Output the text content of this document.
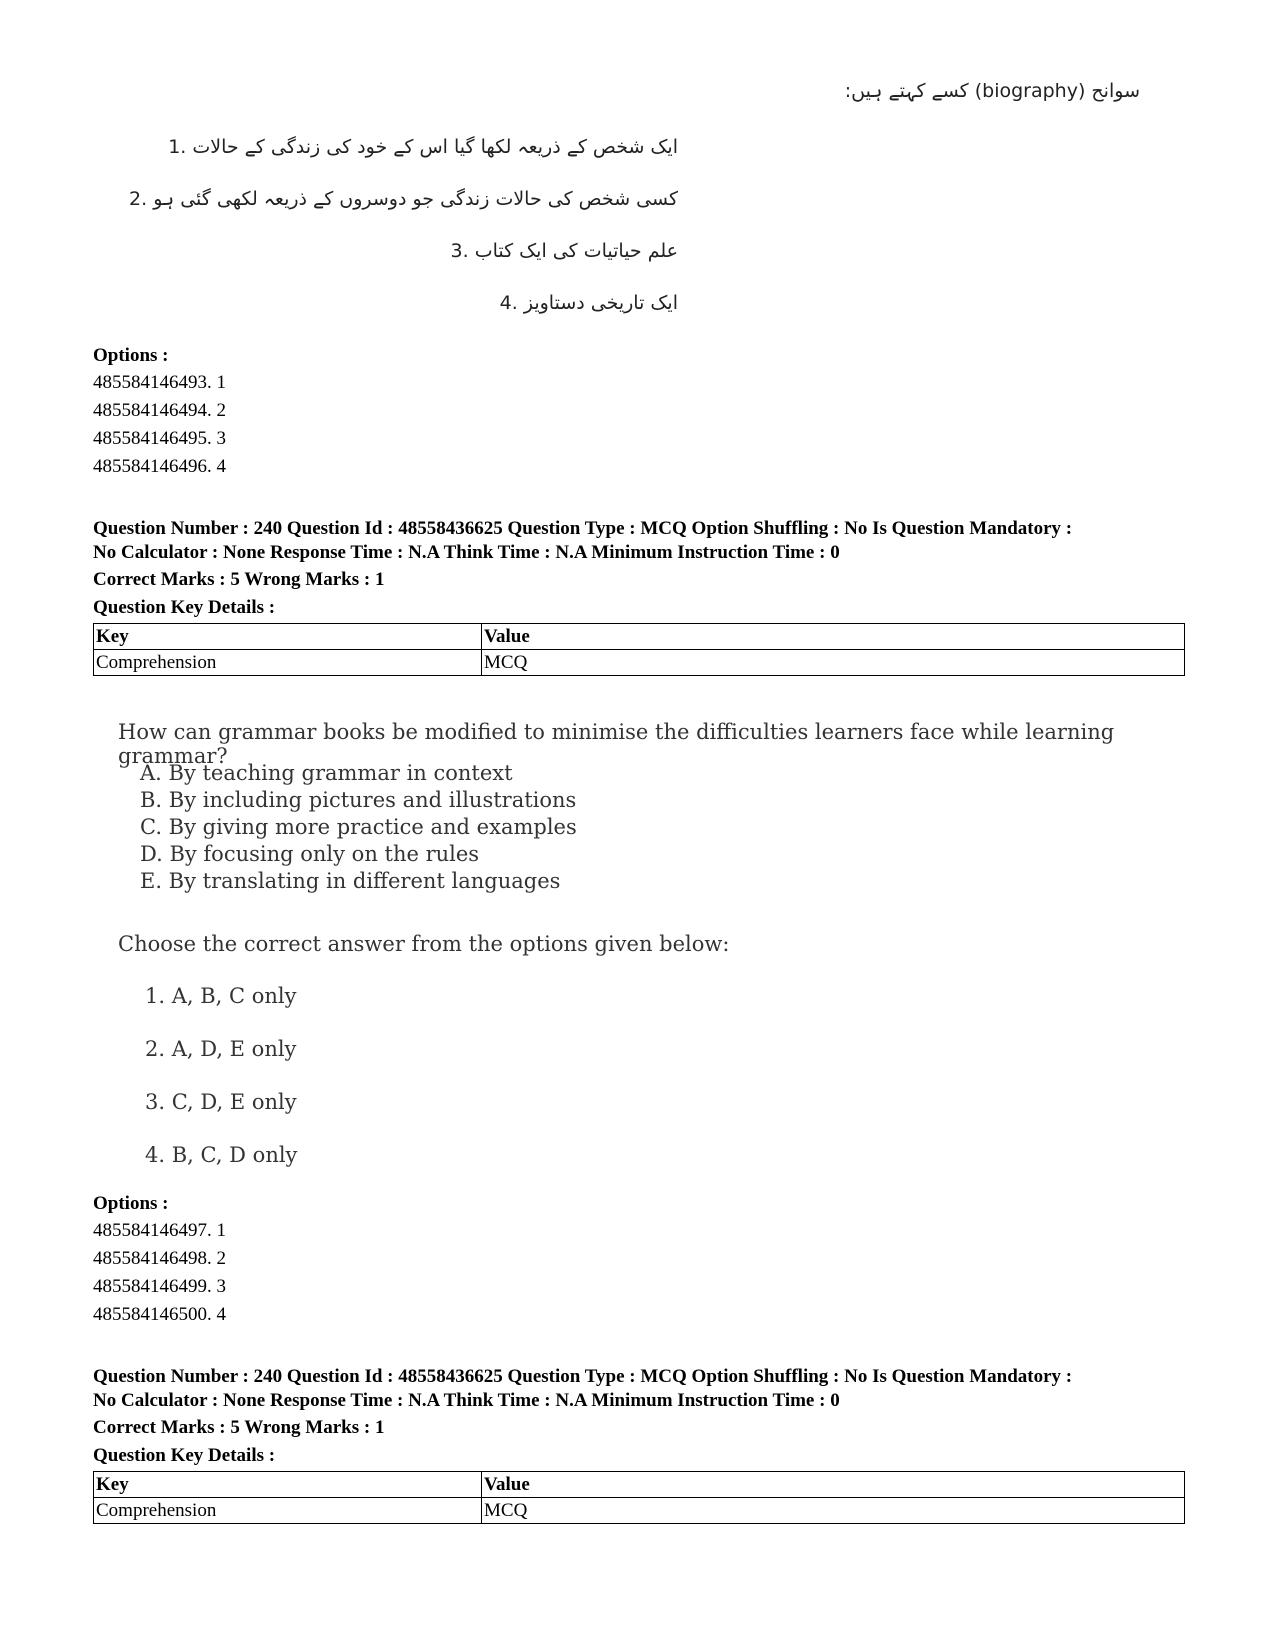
سوانح (biography) کسے کہتے ہیں:
ایک شخص کے ذریعہ لکھا گیا اس کے خود کی زندگی کے حالات 1.
کسی شخص کی حالات زندگی جو دوسروں کے ذریعہ لکھی گئی ہو 2.
علم حیاتیات کی ایک کتاب 3.
ایک تاریخی دستاویز 4.
Options :
485584146493. 1
485584146494. 2
485584146495. 3
485584146496. 4
Question Number : 240 Question Id : 48558436625 Question Type : MCQ Option Shuffling : No Is Question Mandatory :
No Calculator : None Response Time : N.A Think Time : N.A Minimum Instruction Time : 0
Correct Marks : 5 Wrong Marks : 1
Question Key Details :
Key	Value
Comprehension	MCQ
How can grammar books be modified to minimise the difficulties learners face while learning grammar?
A. By teaching grammar in context
B. By including pictures and illustrations
C. By giving more practice and examples
D. By focusing only on the rules
E. By translating in different languages
Choose the correct answer from the options given below:
1. A, B, C only
2. A, D, E only
3. C, D, E only
4. B, C, D only
Options :
485584146497. 1
485584146498. 2
485584146499. 3
485584146500. 4
Question Number : 240 Question Id : 48558436625 Question Type : MCQ Option Shuffling : No Is Question Mandatory :
No Calculator : None Response Time : N.A Think Time : N.A Minimum Instruction Time : 0
Correct Marks : 5 Wrong Marks : 1
Question Key Details :
Key	Value
Comprehension	MCQ
